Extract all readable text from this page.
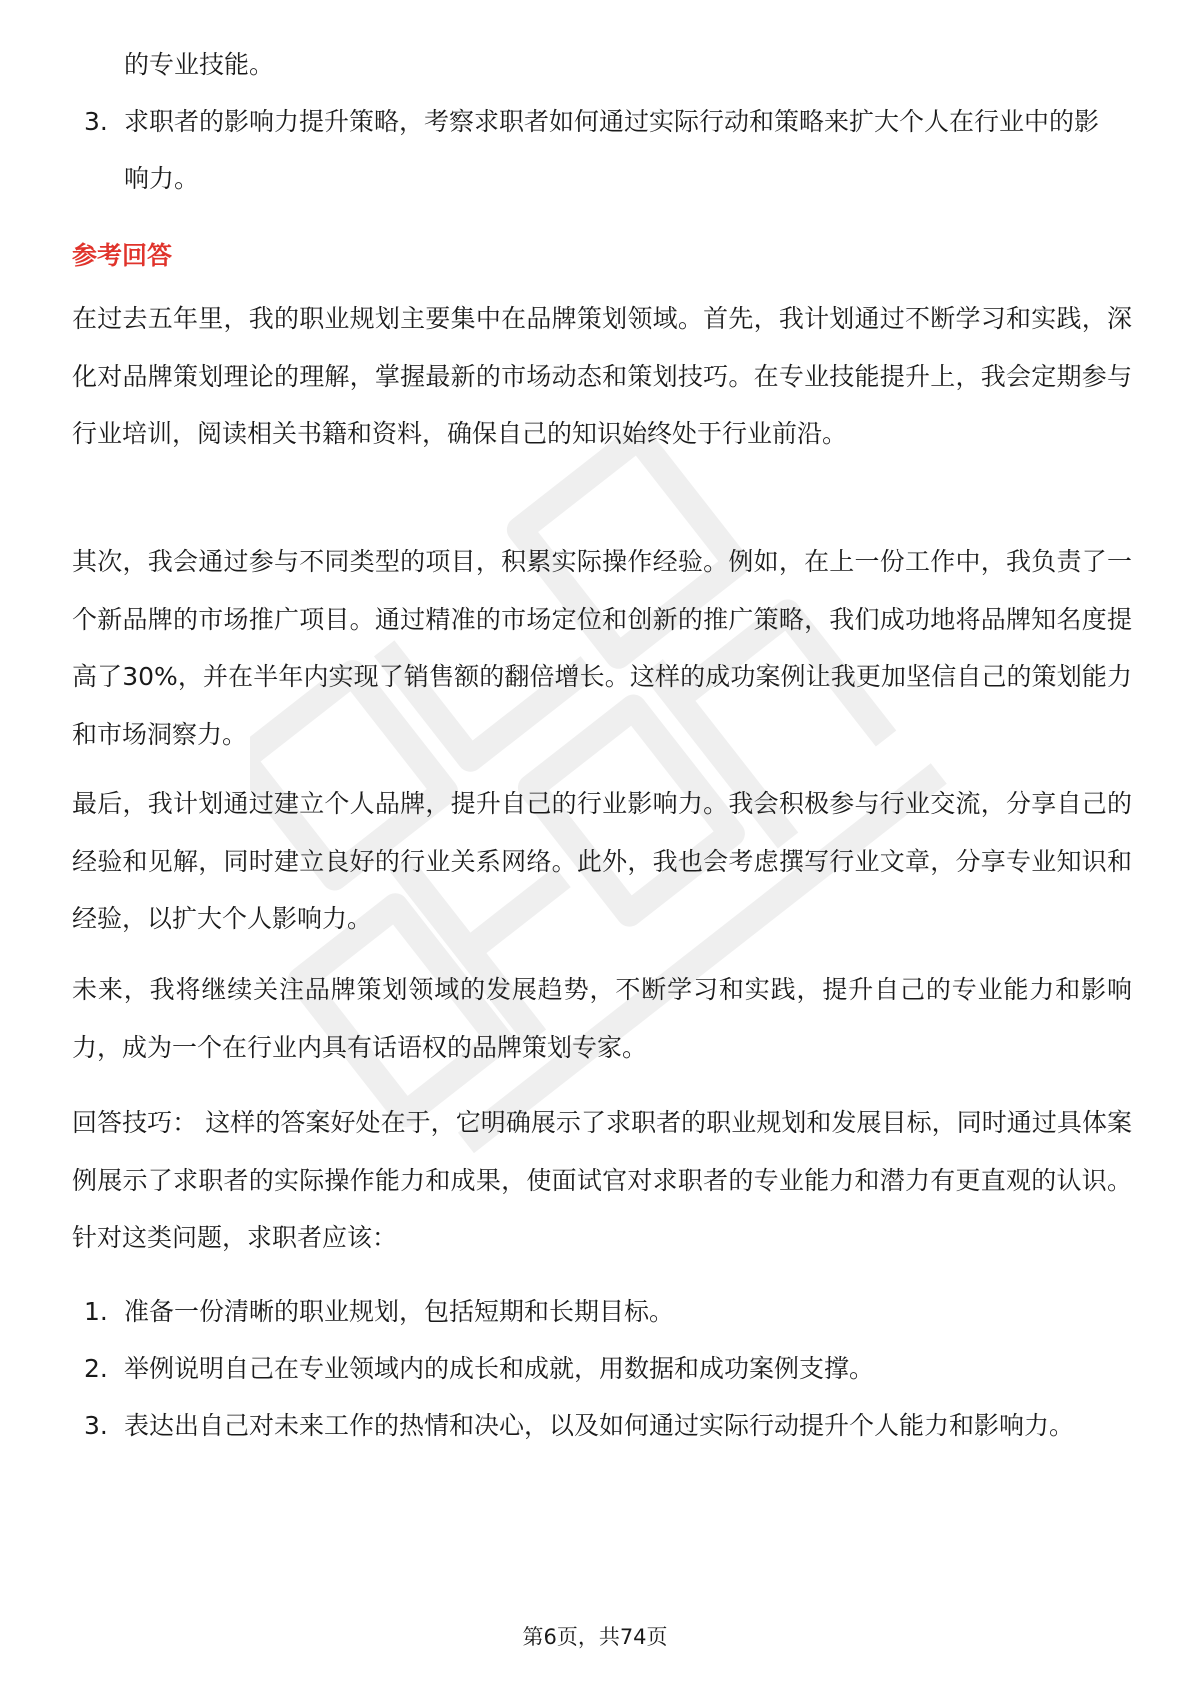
的专业技能。
3. 求职者的影响力提升策略，考察求职者如何通过实际行动和策略来扩大个人在行业中的影响力。
参考回答

在过去五年里，我的职业规划主要集中在品牌策划领域。首先，我计划通过不断学习和实践，深化对品牌策划理论的理解，掌握最新的市场动态和策划技巧。在专业技能提升上，我会定期参与行业培训，阅读相关书籍和资料，确保自己的知识始终处于行业前沿。

其次，我会通过参与不同类型的项目，积累实际操作经验。例如，在上一份工作中，我负责了一个新品牌的市场推广项目。通过精准的市场定位和创新的推广策略，我们成功地将品牌知名度提高了30%，并在半年内实现了销售额的翻倍增长。这样的成功案例让我更加坚信自己的策划能力和市场洞察力。

最后，我计划通过建立个人品牌，提升自己的行业影响力。我会积极参与行业交流，分享自己的经验和见解，同时建立良好的行业关系网络。此外，我也会考虑撰写行业文章，分享专业知识和经验，以扩大个人影响力。

未来，我将继续关注品牌策划领域的发展趋势，不断学习和实践，提升自己的专业能力和影响力，成为一个在行业内具有话语权的品牌策划专家。

回答技巧： 这样的答案好处在于，它明确展示了求职者的职业规划和发展目标，同时通过具体案例展示了求职者的实际操作能力和成果，使面试官对求职者的专业能力和潜力有更直观的认识。针对这类问题，求职者应该：

1. 准备一份清晰的职业规划，包括短期和长期目标。
2. 举例说明自己在专业领域内的成长和成就，用数据和成功案例支撑。
3. 表达出自己对未来工作的热情和决心，以及如何通过实际行动提升个人能力和影响力。
第6页，共74页
